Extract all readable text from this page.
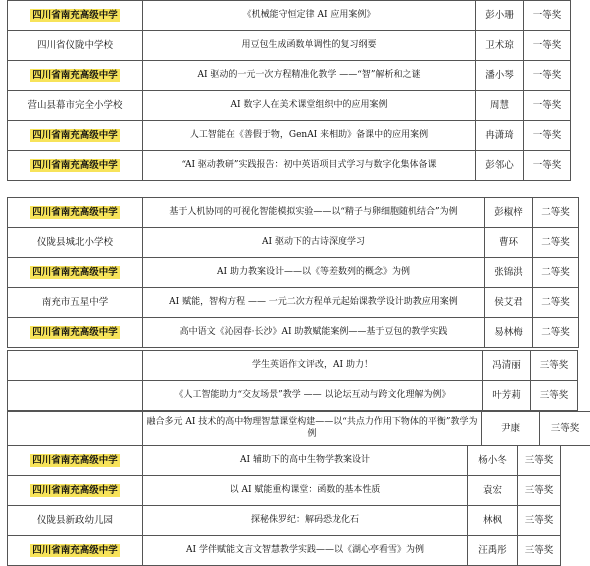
四川省南充高级中学	《机械能守恒定律 AI 应用案例》	彭小珊	一等奖
四川省仪陇中学校	用豆包生成函数单调性的复习纲要	卫术琼	一等奖
四川省南充高级中学	AI 驱动的一元一次方程精准化教学 ——“智”解析和之谜	潘小琴	一等奖
营山县幕市完全小学校	AI 数字人在美术课堂组织中的应用案例	周慧	一等奖
四川省南充高级中学	人工智能在《善假于物，GenAI 来相助》备课中的应用案例	冉潇琦	一等奖
四川省南充高级中学	“AI 驱动教研”实践报告：初中英语项目式学习与数字化集体备课	彭邻心	一等奖
四川省南充高级中学	基于人机协同的可视化智能模拟实验——以“精子与卵细胞随机结合”为例	彭椒梓	二等奖
仪陇县城北小学校	AI 驱动下的古诗深度学习	曹环	二等奖
四川省南充高级中学	AI 助力教案设计——以《等差数列的概念》为例	张锦洪	二等奖
南充市五星中学	AI 赋能，智构方程 —— 一元二次方程单元起始课教学设计助教应用案例	侯艾君	二等奖
四川省南充高级中学	高中语文《沁园春·长沙》AI 助教赋能案例——基于豆包的教学实践	易林梅	二等奖
	学生英语作文评改，AI 助力！	冯清丽	三等奖
	《人工智能助力“交友场景”教学 —— 以论坛互动与跨文化理解为例》	叶芳莉	三等奖
	融合多元 AI 技术的高中物理智慧课堂构建——以“共点力作用下物体的平衡”教学为例	尹康	三等奖
四川省南充高级中学	AI 辅助下的高中生物学教案设计	杨小冬	三等奖
四川省南充高级中学	以 AI 赋能重构课堂：函数的基本性质	袁宏	三等奖
仪陇县新政幼儿园	探秘侏罗纪：解码恐龙化石	林枫	三等奖
四川省南充高级中学	AI 学伴赋能文言文智慧教学实践——以《湖心亭看雪》为例	汪禹彤	三等奖
